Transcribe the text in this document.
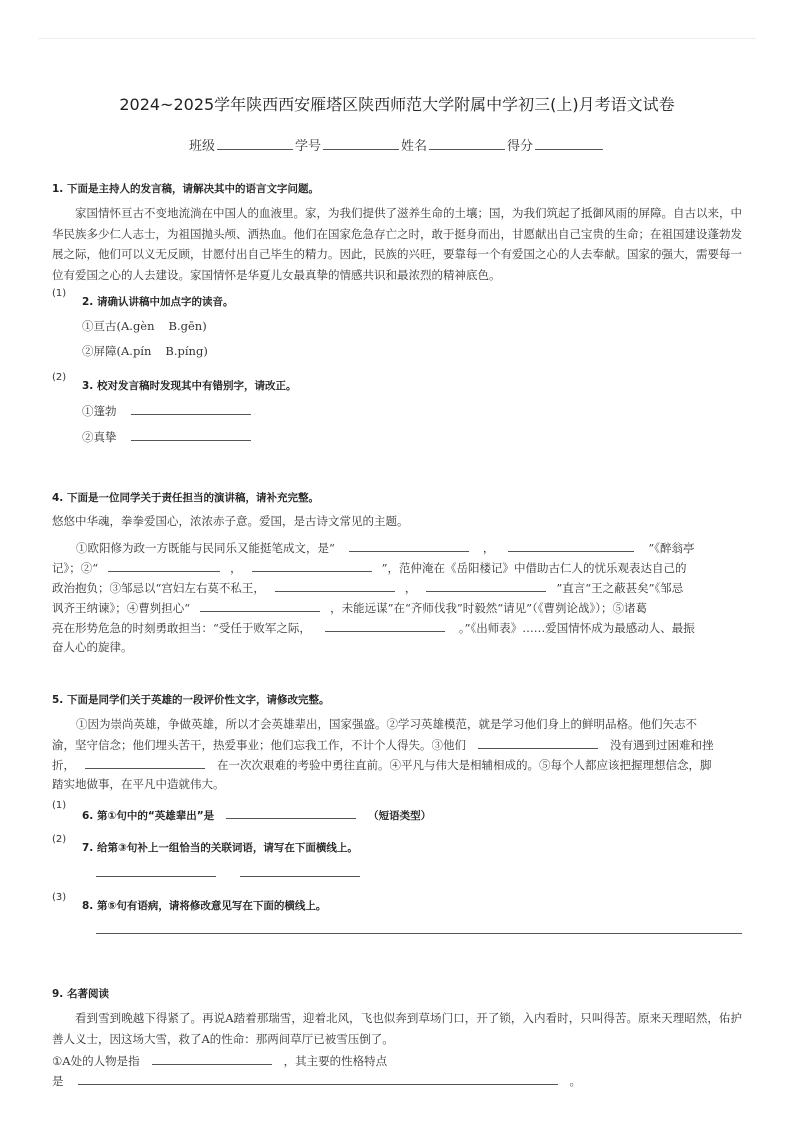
2024~2025学年陕西西安雁塔区陕西师范大学附属中学初三(上)月考语文试卷
班级	学号	姓名	得分
1. 下面是主持人的发言稿，请解决其中的语言文字问题。
家国情怀亘古不变地流淌在中国人的血液里。家，为我们提供了滋养生命的土壤；国，为我们筑起了抵御风雨的屏障。自古以来，中华民族多少仁人志士，为祖国抛头颅、洒热血。他们在国家危急存亡之时，敢于挺身而出，甘愿献出自己宝贵的生命；在祖国建设蓬勃发展之际，他们可以义无反顾，甘愿付出自己毕生的精力。因此，民族的兴旺，要靠每一个有爱国之心的人去奉献。国家的强大，需要每一位有爱国之心的人去建设。家国情怀是华夏儿女最真挚的情感共识和最浓烈的精神底色。
(1)
2. 请确认讲稿中加点字的读音。
①亘古(A.gèn B.gēn)
②屏障(A.pín B.píng)
(2)
3. 校对发言稿时发现其中有错别字，请改正。
①篷勃
②真挚
4. 下面是一位同学关于责任担当的演讲稿，请补充完整。
悠悠中华魂，拳拳爱国心，浓浓赤子意。爱国，是古诗文常见的主题。
①欧阳修为政一方既能与民同乐又能挺笔成文，是“	，	”《醉翁亭
记》；②“	，	”，范仲淹在《岳阳楼记》中借助古仁人的忧乐观表达自己的
政治抱负；③邹忌以“宫妇左右莫不私王，	，	”直言“王之蔽甚矣”《邹忌
讽齐王纳谏》；④曹刿担心“	，未能远谋”在“齐师伐我”时毅然“请见”（《曹刿论战》）；⑤诸葛
亮在形势危急的时刻勇敢担当：“受任于败军之际，	。”《出师表》……爱国情怀成为最感动人、最振
奋人心的旋律。
5. 下面是同学们关于英雄的一段评价性文字，请修改完整。
①因为崇尚英雄，争做英雄，所以才会英雄辈出，国家强盛。②学习英雄模范，就是学习他们身上的鲜明品格。他们矢志不
渝，坚守信念；他们埋头苦干，热爱事业；他们忘我工作，不计个人得失。③他们	没有遇到过困难和挫
折，	在一次次艰难的考验中勇往直前。④平凡与伟大是相辅相成的。⑤每个人都应该把握理想信念，脚
踏实地做事，在平凡中造就伟大。
(1)
6. 第①句中的“英雄辈出”是	（短语类型）
(2)
7. 给第③句补上一组恰当的关联词语，请写在下面横线上。
(3)
8. 第⑤句有语病，请将修改意见写在下面的横线上。
9. 名著阅读
看到雪到晚越下得紧了。再说A踏着那瑞雪，迎着北风，飞也似奔到草场门口，开了锁，入内看时，只叫得苦。原来天理昭然，佑护善人义士，因这场大雪，救了A的性命：那两间草厅已被雪压倒了。
①A处的人物是指	，其主要的性格特点
是	。
